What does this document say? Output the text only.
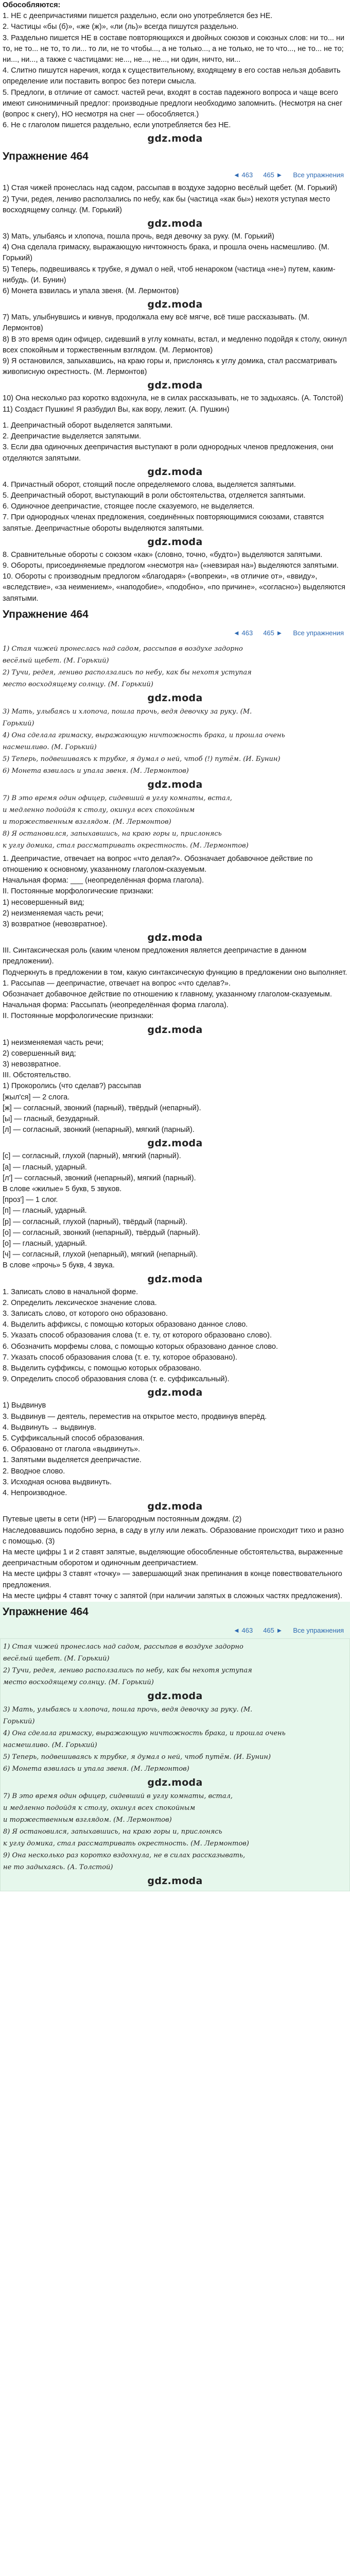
Обособляются:

1. НЕ с деепричастиями пишется раздельно, если оно употребляется без НЕ.

2. Частицы «бы (б)», «же (ж)», «ли (ль)» всегда пишутся раздельно.

3. Раздельно пишется НЕ в составе повторяющихся и двойных союзов и союзных слов: ни то... ни то, не то... не то, то ли... то ли, не то чтобы..., а не только..., а не только, не то что..., не то... не то; ни..., ни..., а также с частицами: не..., не..., не..., ни один, ничто, ни...

4. Слитно пишутся наречия, когда к существительному, входящему в его состав нельзя добавить определение или поставить вопрос без потери смысла.

5. Предлоги, в отличие от самост. частей речи, входят в состав падежного вопроса и чаще всего имеют синонимичный предлог: производные предлоги необходимо запомнить. (Несмотря на снег (вопрос к снегу), НО несмотря на снег — обособляется.)

6. Не с глаголом пишется раздельно, если употребляется без НЕ.

gdz.moda
Упражнение 464
◄ 463 465 ► Все упражнения

1) Стая чижей пронеслась над садом, рассыпав в воздухе задорно весёлый щебет. (М. Горький)

2) Тучи, редея, лениво расползались по небу, как бы (частица «как бы») нехотя уступая место восходящему солнцу. (М. Горький)

gdz.moda

3) Мать, улыбаясь и хлопоча, пошла прочь, ведя девочку за руку. (М. Горький)

4) Она сделала гримаску, выражающую ничтожность брака, и прошла очень насмешливо. (М. Горький)

5) Теперь, подвешиваясь к трубке, я думал о ней, чтоб ненароком (частица «не») путем, каким-нибудь. (И. Бунин)

6) Монета взвилась и упала звеня. (М. Лермонтов)

gdz.moda

7) Мать, улыбнувшись и кивнув, продолжала ему всё мягче, всё тише рассказывать. (М. Лермонтов)

8) В это время один офицер, сидевший в углу комнаты, встал, и медленно подойдя к столу, окинул всех спокойным и торжественным взглядом. (М. Лермонтов)

9) Я остановился, запыхавшись, на краю горы и, прислонясь к углу домика, стал рассматривать живописную окрестность. (М. Лермонтов)

gdz.moda

10) Она несколько раз коротко вздохнула, не в силах рассказывать, не то задыхаясь. (А. Толстой)

11) Создаст Пушкин! Я разбудил Вы, как вору, лежит. (А. Пушкин)

1. Деепричастный оборот выделяется запятыми.

2. Деепричастие выделяется запятыми.

3. Если два одиночных деепричастия выступают в роли однородных членов предложения, они отделяются запятыми.

gdz.moda

4. Причастный оборот, стоящий после определяемого слова, выделяется запятыми.

5. Деепричастный оборот, выступающий в роли обстоятельства, отделяется запятыми.

6. Одиночное деепричастие, стоящее после сказуемого, не выделяется.

7. При однородных членах предложения, соединённых повторяющимися союзами, ставятся запятые. Деепричастные обороты выделяются запятыми.

gdz.moda

8. Сравнительные обороты с союзом «как» (словно, точно, «будто») выделяются запятыми.

9. Обороты, присоединяемые предлогом «несмотря на» («невзирая на») выделяются запятыми.

10. Обороты с производным предлогом «благодаря» («вопреки», «в отличие от», «ввиду», «вследствие», «за неимением», «наподобие», «подобно», «по причине», «согласно») выделяются запятыми.

Упражнение 464
◄ 463 465 ► Все упражнения

1) Стая чижей пронеслась над садом, рассыпав в воздухе задорно

весёлый щебет. (М. Горький)

2) Тучи, редея, лениво расползались по небу, как бы нехотя уступая

место восходящему солнцу. (М. Горький)

gdz.moda

3) Мать, улыбаясь и хлопоча, пошла прочь, ведя девочку за руку. (М.

Горький)

4) Она сделала гримаску, выражающую ничтожность брака, и прошла очень

насмешливо. (М. Горький)

5) Теперь, подвешиваясь к трубке, я думал о ней, чтоб (!) путём. (И. Бунин)

6) Монета взвилась и упала звеня. (М. Лермонтов)

gdz.moda

7) В это время один офицер, сидевший в углу комнаты, встал,

и медленно подойдя к столу, окинул всех спокойным

и торжественным взглядом. (М. Лермонтов)

8) Я остановился, запыхавшись, на краю горы и, прислонясь

к углу домика, стал рассматривать окрестность. (М. Лермонтов)

1. Деепричастие, отвечает на вопрос «что делая?». Обозначает добавочное действие по отношению к основному, указанному глаголом-сказуемым.

Начальная форма: ___ (неопределённая форма глагола).

II. Постоянные морфологические признаки:

1) несовершенный вид;

2) неизменяемая часть речи;

3) возвратное (невозвратное).

gdz.moda

III. Синтаксическая роль (каким членом предложения является деепричастие в данном предложении).

Подчеркнуть в предложении в том, какую синтаксическую функцию в предложении оно выполняет.

1. Рассыпав — деепричастие, отвечает на вопрос «что сделав?».

Обозначает добавочное действие по отношению к главному, указанному глаголом-сказуемым.

Начальная форма: Рассыпать (неопределённая форма глагола).

II. Постоянные морфологические признаки:

gdz.moda

1) неизменяемая часть речи;

2) совершенный вид;

3) невозвратное.

III. Обстоятельство.

1) Прокоролись (что сделав?) рассыпав

[жыл'ся] — 2 слога.

[ж] — согласный, звонкий (парный), твёрдый (непарный).

[ы] — гласный, безударный.

[л] — согласный, звонкий (непарный), мягкий (парный).

gdz.moda

[с] — согласный, глухой (парный), мягкий (парный).

[а] — гласный, ударный.

[л'] — согласный, звонкий (непарный), мягкий (парный).

В слове «жилые» 5 букв, 5 звуков.

[проз'] — 1 слог.

[п] — гласный, ударный.

[р] — согласный, глухой (парный), твёрдый (парный).

[о] — согласный, звонкий (непарный), твёрдый (парный).

[о] — гласный, ударный.

[ч] — согласный, глухой (непарный), мягкий (непарный).

В слове «прочь» 5 букв, 4 звука.

gdz.moda

1. Записать слово в начальной форме.

2. Определить лексическое значение слова.

3. Записать слово, от которого оно образовано.

4. Выделить аффиксы, с помощью которых образовано данное слово.

5. Указать способ образования слова (т. е. ту, от которого образовано слово).

6. Обозначить морфемы слова, с помощью которых образовано данное слово.

7. Указать способ образования слова (т. е. ту, которое образовано).

8. Выделить суффиксы, с помощью которых образовано.

9. Определить способ образования слова (т. е. суффиксальный).

gdz.moda

1) Выдвинув

3. Выдвинув — деятель, переместив на открытое место, продвинув вперёд.

4. Выдвинуть → выдвинув.

5. Суффиксальный способ образования.

6. Образовано от глагола «выдвинуть».

1. Запятыми выделяется деепричастие.

2. Вводное слово.

3. Исходная основа выдвинуть.

4. Непроизводное.

gdz.moda

Путевые цветы в сети (НР) — Благородным постоянным дождям. (2)

Наследовавшись подобно зерна, в саду в углу или лежать. Образование происходит тихо и разно с помощью. (3)

На месте цифры 1 и 2 ставят запятые, выделяющие обособленные обстоятельства, выраженные деепричастным оборотом и одиночным деепричастием.

На месте цифры 3 ставят «точку» — завершающий знак препинания в конце повествовательного предложения.

На месте цифры 4 ставят точку с запятой (при наличии запятых в сложных частях предложения).

Упражнение 464
◄ 463 465 ► Все упражнения

1) Стая чижей пронеслась над садом, рассыпав в воздухе задорно

весёлый щебет. (М. Горький)

2) Тучи, редея, лениво расползались по небу, как бы нехотя уступая

место восходящему солнцу. (М. Горький)

gdz.moda

3) Мать, улыбаясь и хлопоча, пошла прочь, ведя девочку за руку. (М.

Горький)

4) Она сделала гримаску, выражающую ничтожность брака, и прошла очень

насмешливо. (М. Горький)

5) Теперь, подвешиваясь к трубке, я думал о ней, чтоб путём. (И. Бунин)

6) Монета взвилась и упала звеня. (М. Лермонтов)

gdz.moda

7) В это время один офицер, сидевший в углу комнаты, встал,

и медленно подойдя к столу, окинул всех спокойным

и торжественным взглядом. (М. Лермонтов)

8) Я остановился, запыхавшись, на краю горы и, прислонясь

к углу домика, стал рассматривать окрестность. (М. Лермонтов)

9) Она несколько раз коротко вздохнула, не в силах рассказывать,

не то задыхаясь. (А. Толстой)

gdz.moda
